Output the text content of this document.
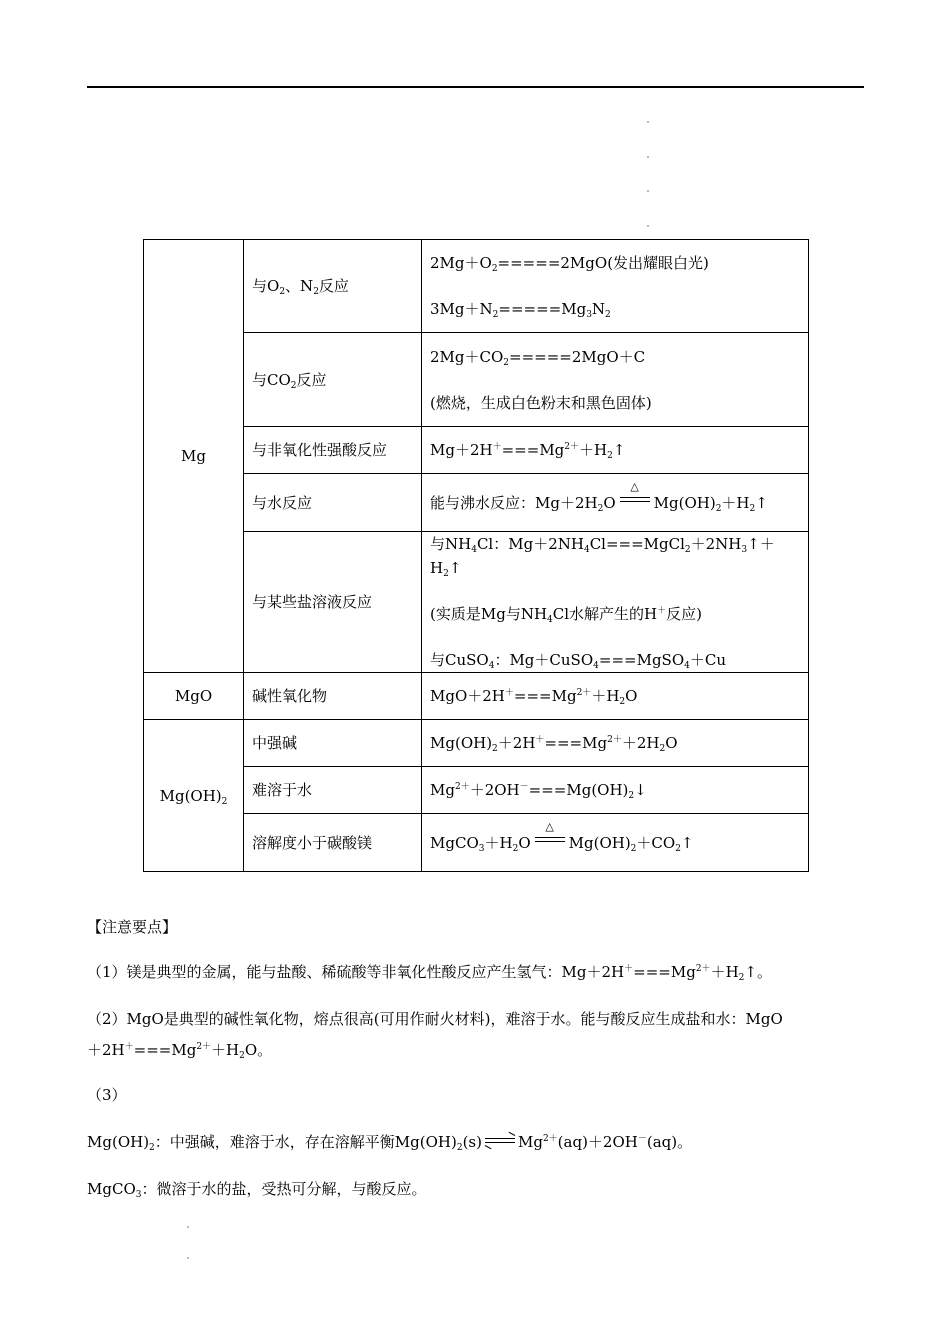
Mg	与$O_2$、$N_2$反应	$2Mg+O_2=====2MgO$(发出耀眼白光)

$3Mg+N_2=====Mg_3N_2$

	与$CO_2$反应	$2Mg+CO_2=====2MgO+C$

(燃烧，生成白色粉末和黑色固体)

	与非氧化性强酸反应	$Mg+2H^+===Mg^{2+}+H_2↑$
	与水反应	能与沸水反应：$Mg+2H_2O$
△
$Mg(OH)_2+H_2↑$
	与某些盐溶液反应	与$NH_4Cl$：$Mg+2NH_4Cl===MgCl_2+2NH_3↑+H_2↑$

(实质是Mg与$NH_4Cl$水解产生的H＋反应)

与CuSO$_4$：Mg＋CuSO$_4$===MgSO$_4$＋Cu

MgO	碱性氧化物	$MgO+2H^+===Mg^{2+}+H_2O$
$Mg(OH)_2$	中强碱	$Mg(OH)_2+2H^+===Mg^{2+}+2H_2O$
	难溶于水	$Mg^{2+}+2OH^-===Mg(OH)_2↓$
	溶解度小于碳酸镁	$MgCO_3+H_2O$
△
$Mg(OH)_2+CO_2↑$

【注意要点】

（1）镁是典型的金属，能与盐酸、稀硫酸等非氧化性酸反应产生氢气：$Mg+2H^+===Mg^{2+}+H_2↑$。

（2）MgO是典型的碱性氧化物，熔点很高(可用作耐火材料)，难溶于水。能与酸反应生成盐和水：MgO

$+2H^+===Mg^{2+}+H_2O$。

（3）

$Mg(OH)_2$：中强碱，难溶于水，存在溶解平衡$Mg(OH)_2(s)$ ⇌ $Mg^{2+}(aq)+2OH^-(aq)$。

MgCO$_3$：微溶于水的盐，受热可分解，与酸反应。
